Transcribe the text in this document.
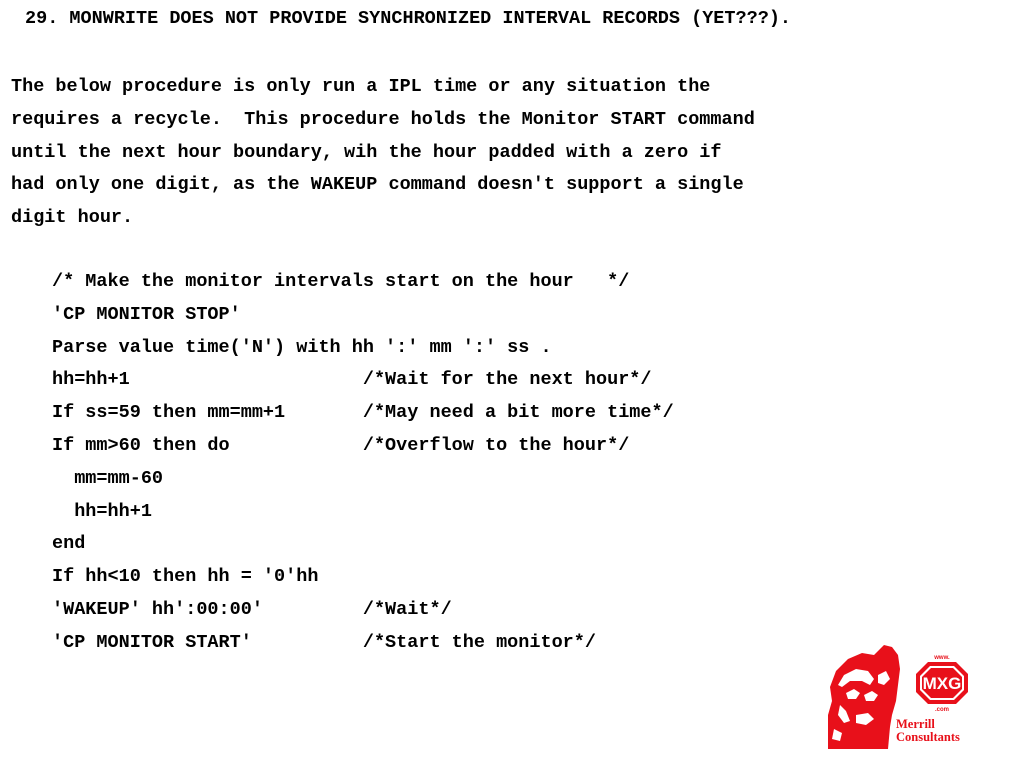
29. MONWRITE DOES NOT PROVIDE SYNCHRONIZED INTERVAL RECORDS (YET???).
The below procedure is only run a IPL time or any situation the
requires a recycle.  This procedure holds the Monitor START command
until the next hour boundary, wih the hour padded with a zero if
had only one digit, as the WAKEUP command doesn't support a single
digit hour.
/* Make the monitor intervals start on the hour   */
'CP MONITOR STOP'
Parse value time('N') with hh ':' mm ':' ss .
hh=hh+1                     /*Wait for the next hour*/
If ss=59 then mm=mm+1       /*May need a bit more time*/
If mm>60 then do            /*Overflow to the hour*/
mm=mm-60
hh=hh+1
end
If hh<10 then hh = '0'hh
'WAKEUP' hh':00:00'         /*Wait*/
'CP MONITOR START'          /*Start the monitor*/
MXG
www.
.com
Merrill
Consultants
